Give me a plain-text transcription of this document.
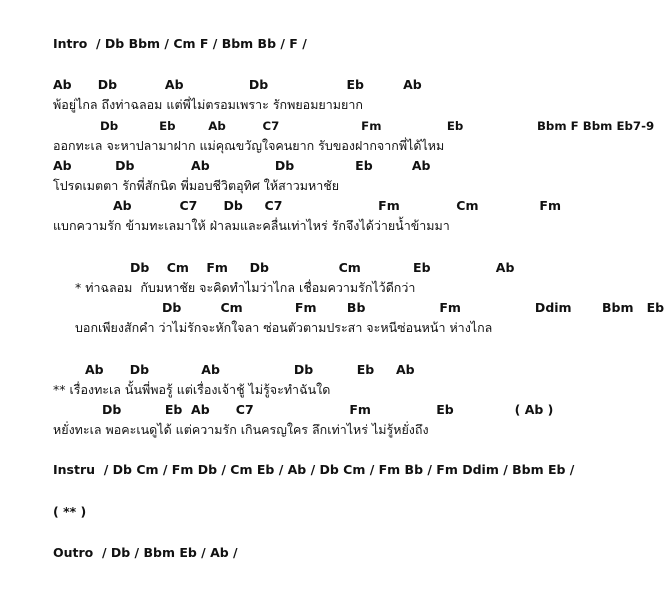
Intro  / Db Bbm / Cm F / Bbm Bb / F /
Ab      Db           Ab               Db                  Eb         Ab
พ้อยู่ไกล ถึงท่าฉลอม แต่พี่ไม่ตรอมเพราะ รักพยอมยามยาก
Db          Eb        Ab         C7                    Fm                Eb                  Bbm F Bbm Eb7-9
ออกทะเล จะหาปลามาฝาก แม่คุณขวัญใจคนยาก รับของฝากจากพี่ได้ไหม
Ab          Db             Ab               Db              Eb         Ab
โปรดเมตตา รักพี่สักนิด พี่มอบชีวิตอุทิศ ให้สาวมหาชัย
Ab           C7      Db     C7                      Fm             Cm              Fm
แบกความรัก ข้ามทะเลมาให้ ฝ่าลมและคลื่นเท่าไหร่ รักจึงได้ว่ายน้ำข้ามมา
Db    Cm    Fm     Db                Cm            Eb               Ab
* ท่าฉลอม  กับมหาชัย จะคิดทำไมว่าไกล เชื่อมความรักไว้ดีกว่า
Db         Cm            Fm       Bb                 Fm                 Ddim       Bbm   Eb
บอกเพียงสักคำ ว่าไม่รักจะหักใจลา ซ่อนตัวตามประสา จะหนีซ่อนหน้า ห่างไกล
Ab      Db            Ab                 Db          Eb     Ab
** เรื่องทะเล นั้นพี่พอรู้ แต่เรื่องเจ้าชู้ ไม่รู้จะทำฉันใด
Db          Eb  Ab      C7                      Fm               Eb              ( Ab )
หยั่งทะเล พอคะเนดูได้ แต่ความรัก เกินครญใคร ลึกเท่าไหร่ ไม่รู้หยั่งถึง
Instru  / Db Cm / Fm Db / Cm Eb / Ab / Db Cm / Fm Bb / Fm Ddim / Bbm Eb /
( ** )
Outro  / Db / Bbm Eb / Ab /
